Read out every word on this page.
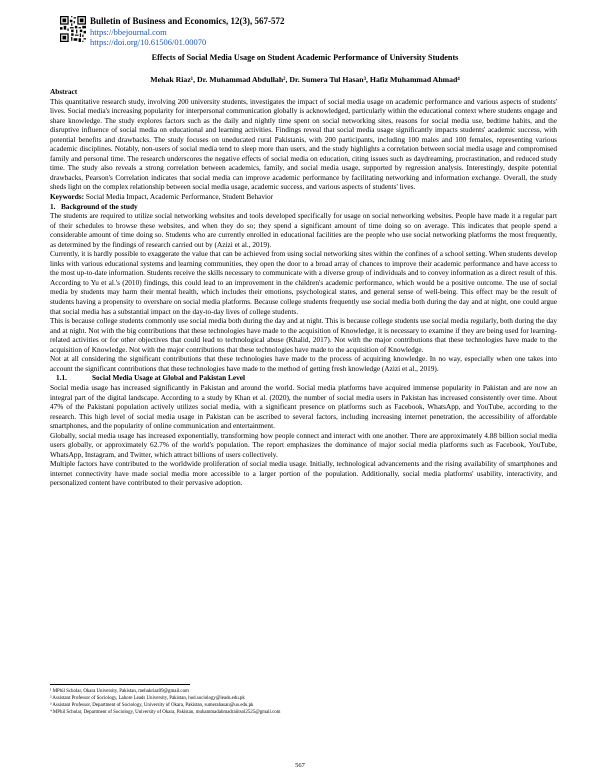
Bulletin of Business and Economics, 12(3), 567-572
https://bbejournal.com
https://doi.org/10.61506/01.00070
Effects of Social Media Usage on Student Academic Performance of University Students
Mehak Riaz¹, Dr. Muhammad Abdullah², Dr. Sumera Tul Hasan³, Hafiz Muhammad Ahmad⁴

Abstract

This quantitative research study, involving 200 university students, investigates the impact of social media usage on academic performance and various aspects of students' lives. Social media's increasing popularity for interpersonal communication globally is acknowledged, particularly within the educational context where students engage and share knowledge. The study explores factors such as the daily and nightly time spent on social networking sites, reasons for social media use, bedtime habits, and the disruptive influence of social media on educational and learning activities. Findings reveal that social media usage significantly impacts students' academic success, with potential benefits and drawbacks. The study focuses on uneducated rural Pakistanis, with 200 participants, including 100 males and 100 females, representing various academic disciplines. Notably, non-users of social media tend to sleep more than users, and the study highlights a correlation between social media usage and compromised family and personal time. The research underscores the negative effects of social media on education, citing issues such as daydreaming, procrastination, and reduced study time. The study also reveals a strong correlation between academics, family, and social media usage, supported by regression analysis. Interestingly, despite potential drawbacks, Pearson's Correlation indicates that social media can improve academic performance by facilitating networking and information exchange. Overall, the study sheds light on the complex relationship between social media usage, academic success, and various aspects of students' lives.

Keywords: Social Media Impact, Academic Performance, Student Behavior

1.   Background of the study

The students are required to utilize social networking websites and tools developed specifically for usage on social networking websites. People have made it a regular part of their schedules to browse these websites, and when they do so; they spend a significant amount of time doing so on average. This indicates that people spend a considerable amount of time doing so. Students who are currently enrolled in educational facilities are the people who use social networking platforms the most frequently, as determined by the findings of research carried out by (Azizi et al., 2019).

Currently, it is hardly possible to exaggerate the value that can be achieved from using social networking sites within the confines of a school setting. When students develop links with various educational systems and learning communities, they open the door to a broad array of chances to improve their academic performance and have access to the most up-to-date information. Students receive the skills necessary to communicate with a diverse group of individuals and to convey information as a direct result of this. According to Yu et al.'s (2010) findings, this could lead to an improvement in the children's academic performance, which would be a positive outcome. The use of social media by students may harm their mental health, which includes their emotions, psychological states, and general sense of well-being. This effect may be the result of students having a propensity to overshare on social media platforms. Because college students frequently use social media both during the day and at night, one could argue that social media has a substantial impact on the day-to-day lives of college students.

This is because college students commonly use social media both during the day and at night. This is because college students use social media regularly, both during the day and at night. Not with the big contributions that these technologies have made to the acquisition of Knowledge, it is necessary to examine if they are being used for learning-related activities or for other objectives that could lead to technological abuse (Khalid, 2017). Not with the major contributions that these technologies have made to the acquisition of Knowledge. Not with the major contributions that these technologies have made to the acquisition of Knowledge.

Not at all considering the significant contributions that these technologies have made to the process of acquiring knowledge. In no way, especially when one takes into account the significant contributions that these technologies have made to the method of getting fresh knowledge (Azizi et al., 2019).

1.1.	Social Media Usage at Global and Pakistan Level

Social media usage has increased significantly in Pakistan and around the world. Social media platforms have acquired immense popularity in Pakistan and are now an integral part of the digital landscape. According to a study by Khan et al. (2020), the number of social media users in Pakistan has increased consistently over time. About 47% of the Pakistani population actively utilizes social media, with a significant presence on platforms such as Facebook, WhatsApp, and YouTube, according to the research. This high level of social media usage in Pakistan can be ascribed to several factors, including increasing internet penetration, the accessibility of affordable smartphones, and the popularity of online communication and entertainment.

Globally, social media usage has increased exponentially, transforming how people connect and interact with one another. There are approximately 4.88 billion social media users globally, or approximately 62.7% of the world's population. The report emphasizes the dominance of major social media platforms such as Facebook, YouTube, WhatsApp, Instagram, and Twitter, which attract billions of users collectively.

Multiple factors have contributed to the worldwide proliferation of social media usage. Initially, technological advancements and the rising availability of smartphones and internet connectivity have made social media more accessible to a larger portion of the population. Additionally, social media platforms' usability, interactivity, and personalized content have contributed to their pervasive adoption.

¹ MPhil Scholar, Okara University, Pakistan, mehakriaz09@gmail.com
² Assistant Professor of Sociology, Lahore Leads University, Pakistan, hod.sociology@leads.edu.pk
³ Assistant Professor, Department of Sociology, University of Okara, Pakistan, sumerahasan@uo.edu.pk
⁴ MPhil Scholar, Department of Sociology, University of Okara, Pakistan, muhammadahmadraiitsol2525@gmail.com
567
